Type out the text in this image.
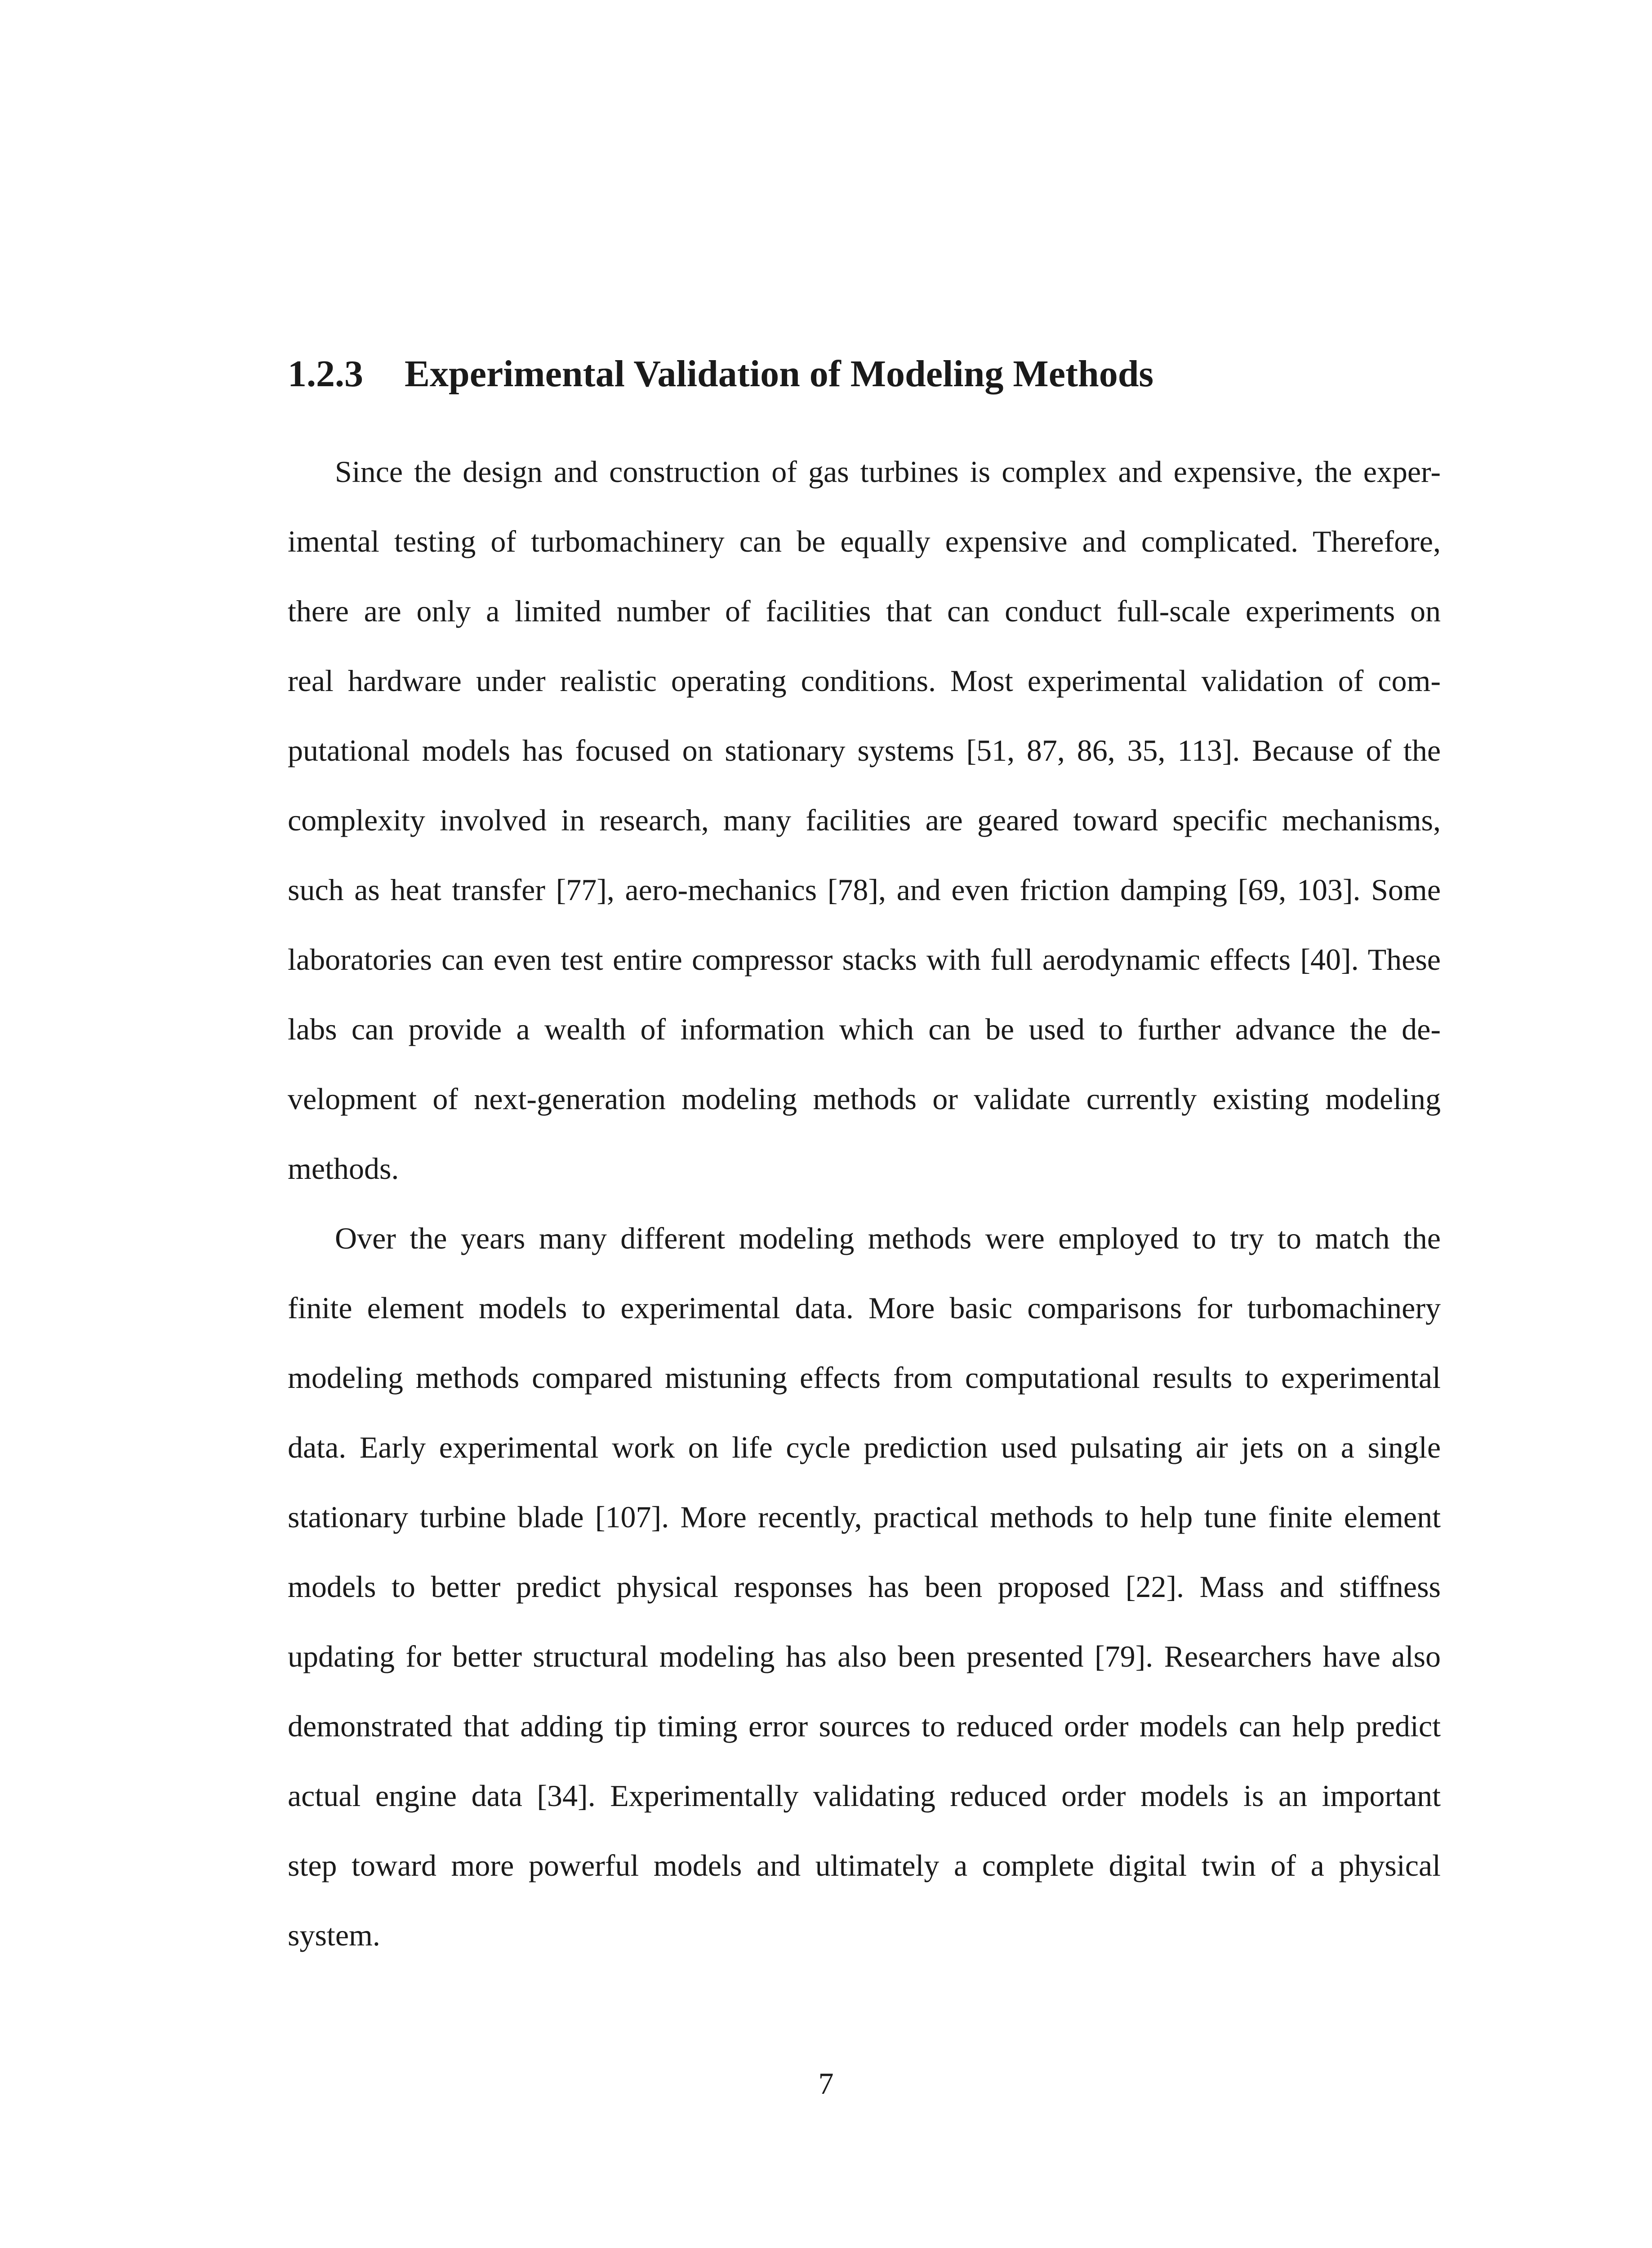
1.2.3 Experimental Validation of Modeling Methods

Since the design and construction of gas turbines is complex and expensive, the exper-

imental testing of turbomachinery can be equally expensive and complicated. Therefore,

there are only a limited number of facilities that can conduct full-scale experiments on

real hardware under realistic operating conditions. Most experimental validation of com-

putational models has focused on stationary systems [51, 87, 86, 35, 113]. Because of the

complexity involved in research, many facilities are geared toward specific mechanisms,

such as heat transfer [77], aero-mechanics [78], and even friction damping [69, 103]. Some

laboratories can even test entire compressor stacks with full aerodynamic effects [40]. These

labs can provide a wealth of information which can be used to further advance the de-

velopment of next-generation modeling methods or validate currently existing modeling

methods.

Over the years many different modeling methods were employed to try to match the

finite element models to experimental data. More basic comparisons for turbomachinery

modeling methods compared mistuning effects from computational results to experimental

data. Early experimental work on life cycle prediction used pulsating air jets on a single

stationary turbine blade [107]. More recently, practical methods to help tune finite element

models to better predict physical responses has been proposed [22]. Mass and stiffness

updating for better structural modeling has also been presented [79]. Researchers have also

demonstrated that adding tip timing error sources to reduced order models can help predict

actual engine data [34]. Experimentally validating reduced order models is an important

step toward more powerful models and ultimately a complete digital twin of a physical

system.

7
